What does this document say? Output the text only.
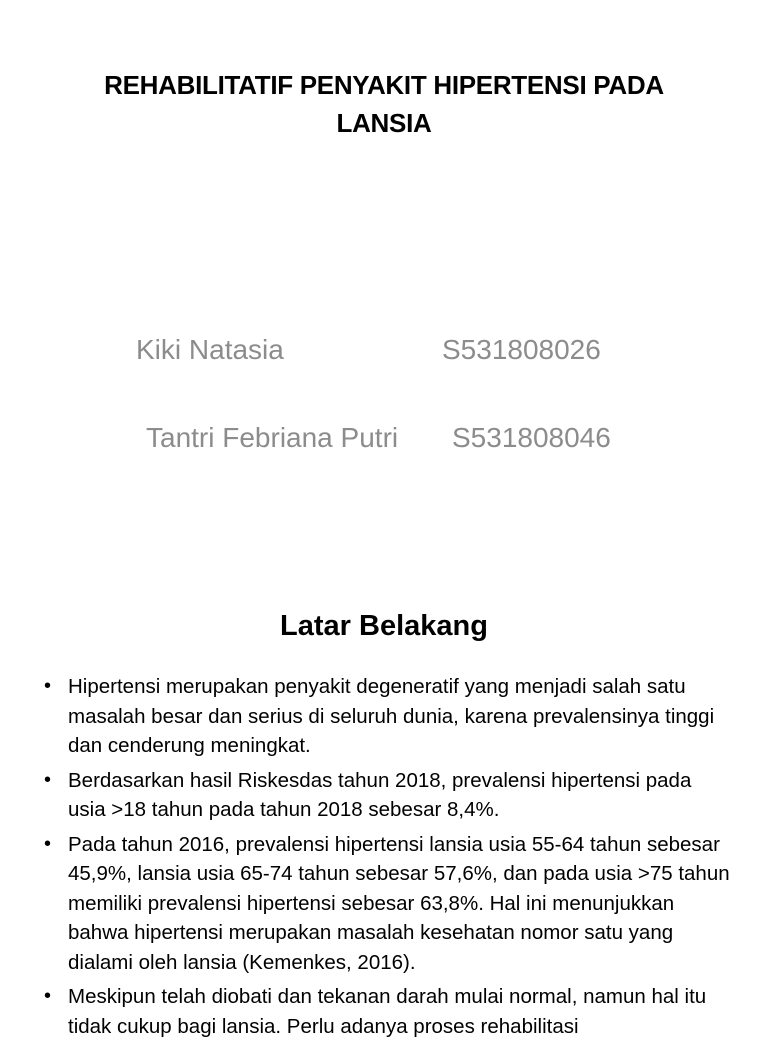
REHABILITATIF PENYAKIT HIPERTENSI PADA LANSIA
Kiki Natasia	S531808026
Tantri Febriana Putri S531808046
Latar Belakang
• Hipertensi merupakan penyakit degeneratif yang menjadi salah satu masalah besar dan serius di seluruh dunia, karena prevalensinya tinggi dan cenderung meningkat.
• Berdasarkan hasil Riskesdas tahun 2018, prevalensi hipertensi pada usia >18 tahun pada tahun 2018 sebesar 8,4%.
• Pada tahun 2016, prevalensi hipertensi lansia usia 55-64 tahun sebesar 45,9%, lansia usia 65-74 tahun sebesar 57,6%, dan pada usia >75 tahun memiliki prevalensi hipertensi sebesar 63,8%. Hal ini menunjukkan bahwa hipertensi merupakan masalah kesehatan nomor satu yang dialami oleh lansia (Kemenkes, 2016).
• Meskipun telah diobati dan tekanan darah mulai normal, namun hal itu tidak cukup bagi lansia. Perlu adanya proses rehabilitasi
